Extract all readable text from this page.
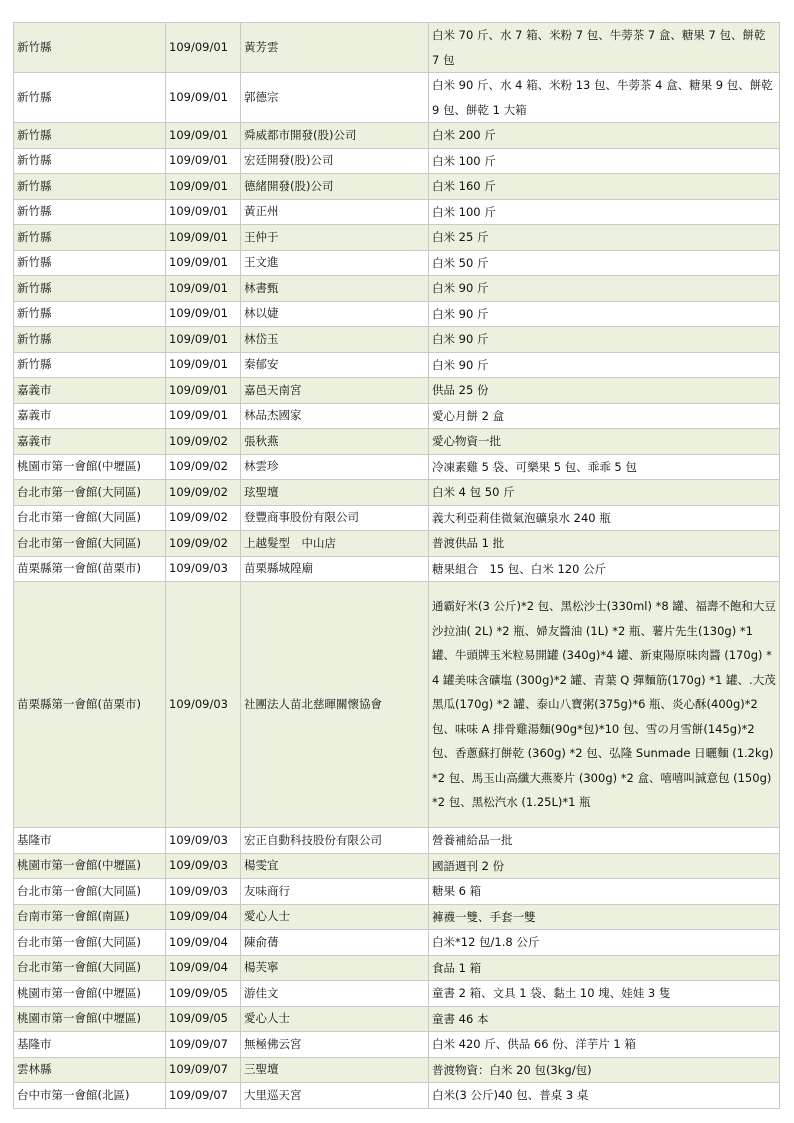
新竹縣	109/09/01	黃芳雲	白米 70 斤、水 7 箱、米粉 7 包、牛蒡茶 7 盒、糖果 7 包、餅乾 7 包
新竹縣	109/09/01	郭德宗	白米 90 斤、水 4 箱、米粉 13 包、牛蒡茶 4 盒、糖果 9 包、餅乾 9 包、餅乾 1 大箱
新竹縣	109/09/01	舜威都市開發(股)公司	白米 200 斤
新竹縣	109/09/01	宏廷開發(股)公司	白米 100 斤
新竹縣	109/09/01	德緒開發(股)公司	白米 160 斤
新竹縣	109/09/01	黃正州	白米 100 斤
新竹縣	109/09/01	王仲于	白米 25 斤
新竹縣	109/09/01	王文進	白米 50 斤
新竹縣	109/09/01	林書甄	白米 90 斤
新竹縣	109/09/01	林以婕	白米 90 斤
新竹縣	109/09/01	林岱玉	白米 90 斤
新竹縣	109/09/01	秦郁安	白米 90 斤
嘉義市	109/09/01	嘉邑天南宮	供品 25 份
嘉義市	109/09/01	林品杰國家	愛心月餅 2 盒
嘉義市	109/09/02	張秋燕	愛心物資一批
桃園市第一會館(中壢區)	109/09/02	林雲珍	冷凍素雞 5 袋、可樂果 5 包、乖乖 5 包
台北市第一會館(大同區)	109/09/02	玹聖壇	白米 4 包 50 斤
台北市第一會館(大同區)	109/09/02	登豐商事股份有限公司	義大利亞莉佳微氣泡礦泉水 240 瓶
台北市第一會館(大同區)	109/09/02	上越髮型　中山店	普渡供品 1 批
苗栗縣第一會館(苗栗市)	109/09/03	苗栗縣城隍廟	糖果組合　15 包、白米 120 公斤
苗栗縣第一會館(苗栗市)	109/09/03	社團法人苗北慈暉關懷協會	通霸好米(3 公斤)*2 包、黑松沙士(330ml) *8 罐、福壽不飽和大豆沙拉油( 2L) *2 瓶、婦友醬油 (1L) *2 瓶、薯片先生(130g) *1 罐、牛頭牌玉米粒易開罐 (340g)*4 罐、新東陽原味肉醬 (170g) *4 罐美味含礦塩 (300g)*2 罐、青葉 Q 彈麵筋(170g) *1 罐、.大茂黑瓜(170g) *2 罐、泰山八寶粥(375g)*6 瓶、炎心酥(400g)*2 包、味味 A 排骨雞湯麵(90g*包)*10 包、雪の月雪餅(145g)*2 包、香蔥蘇打餅乾 (360g) *2 包、弘隆 Sunmade 日曬麵 (1.2kg)*2 包、馬玉山高纖大燕麥片 (300g) *2 盒、嘻嘻叫誠意包 (150g) *2 包、黑松汽水 (1.25L)*1 瓶
基隆市	109/09/03	宏正自動科技股份有限公司	營養補給品一批
桃園市第一會館(中壢區)	109/09/03	楊雯宜	國語週刊 2 份
台北市第一會館(大同區)	109/09/03	友味商行	糖果 6 箱
台南市第一會館(南區)	109/09/04	愛心人士	褲襪一雙、手套一雙
台北市第一會館(大同區)	109/09/04	陳俞蒨	白米*12 包/1.8 公斤
台北市第一會館(大同區)	109/09/04	楊芙寧	食品 1 箱
桃園市第一會館(中壢區)	109/09/05	游佳文	童書 2 箱、文具 1 袋、黏土 10 塊、娃娃 3 隻
桃園市第一會館(中壢區)	109/09/05	愛心人士	童書 46 本
基隆市	109/09/07	無極佛云宮	白米 420 斤、供品 66 份、洋芋片 1 箱
雲林縣	109/09/07	三聖壇	普渡物資：白米 20 包(3kg/包)
台中市第一會館(北區)	109/09/07	大里巡天宮	白米(3 公斤)40 包、普桌 3 桌
